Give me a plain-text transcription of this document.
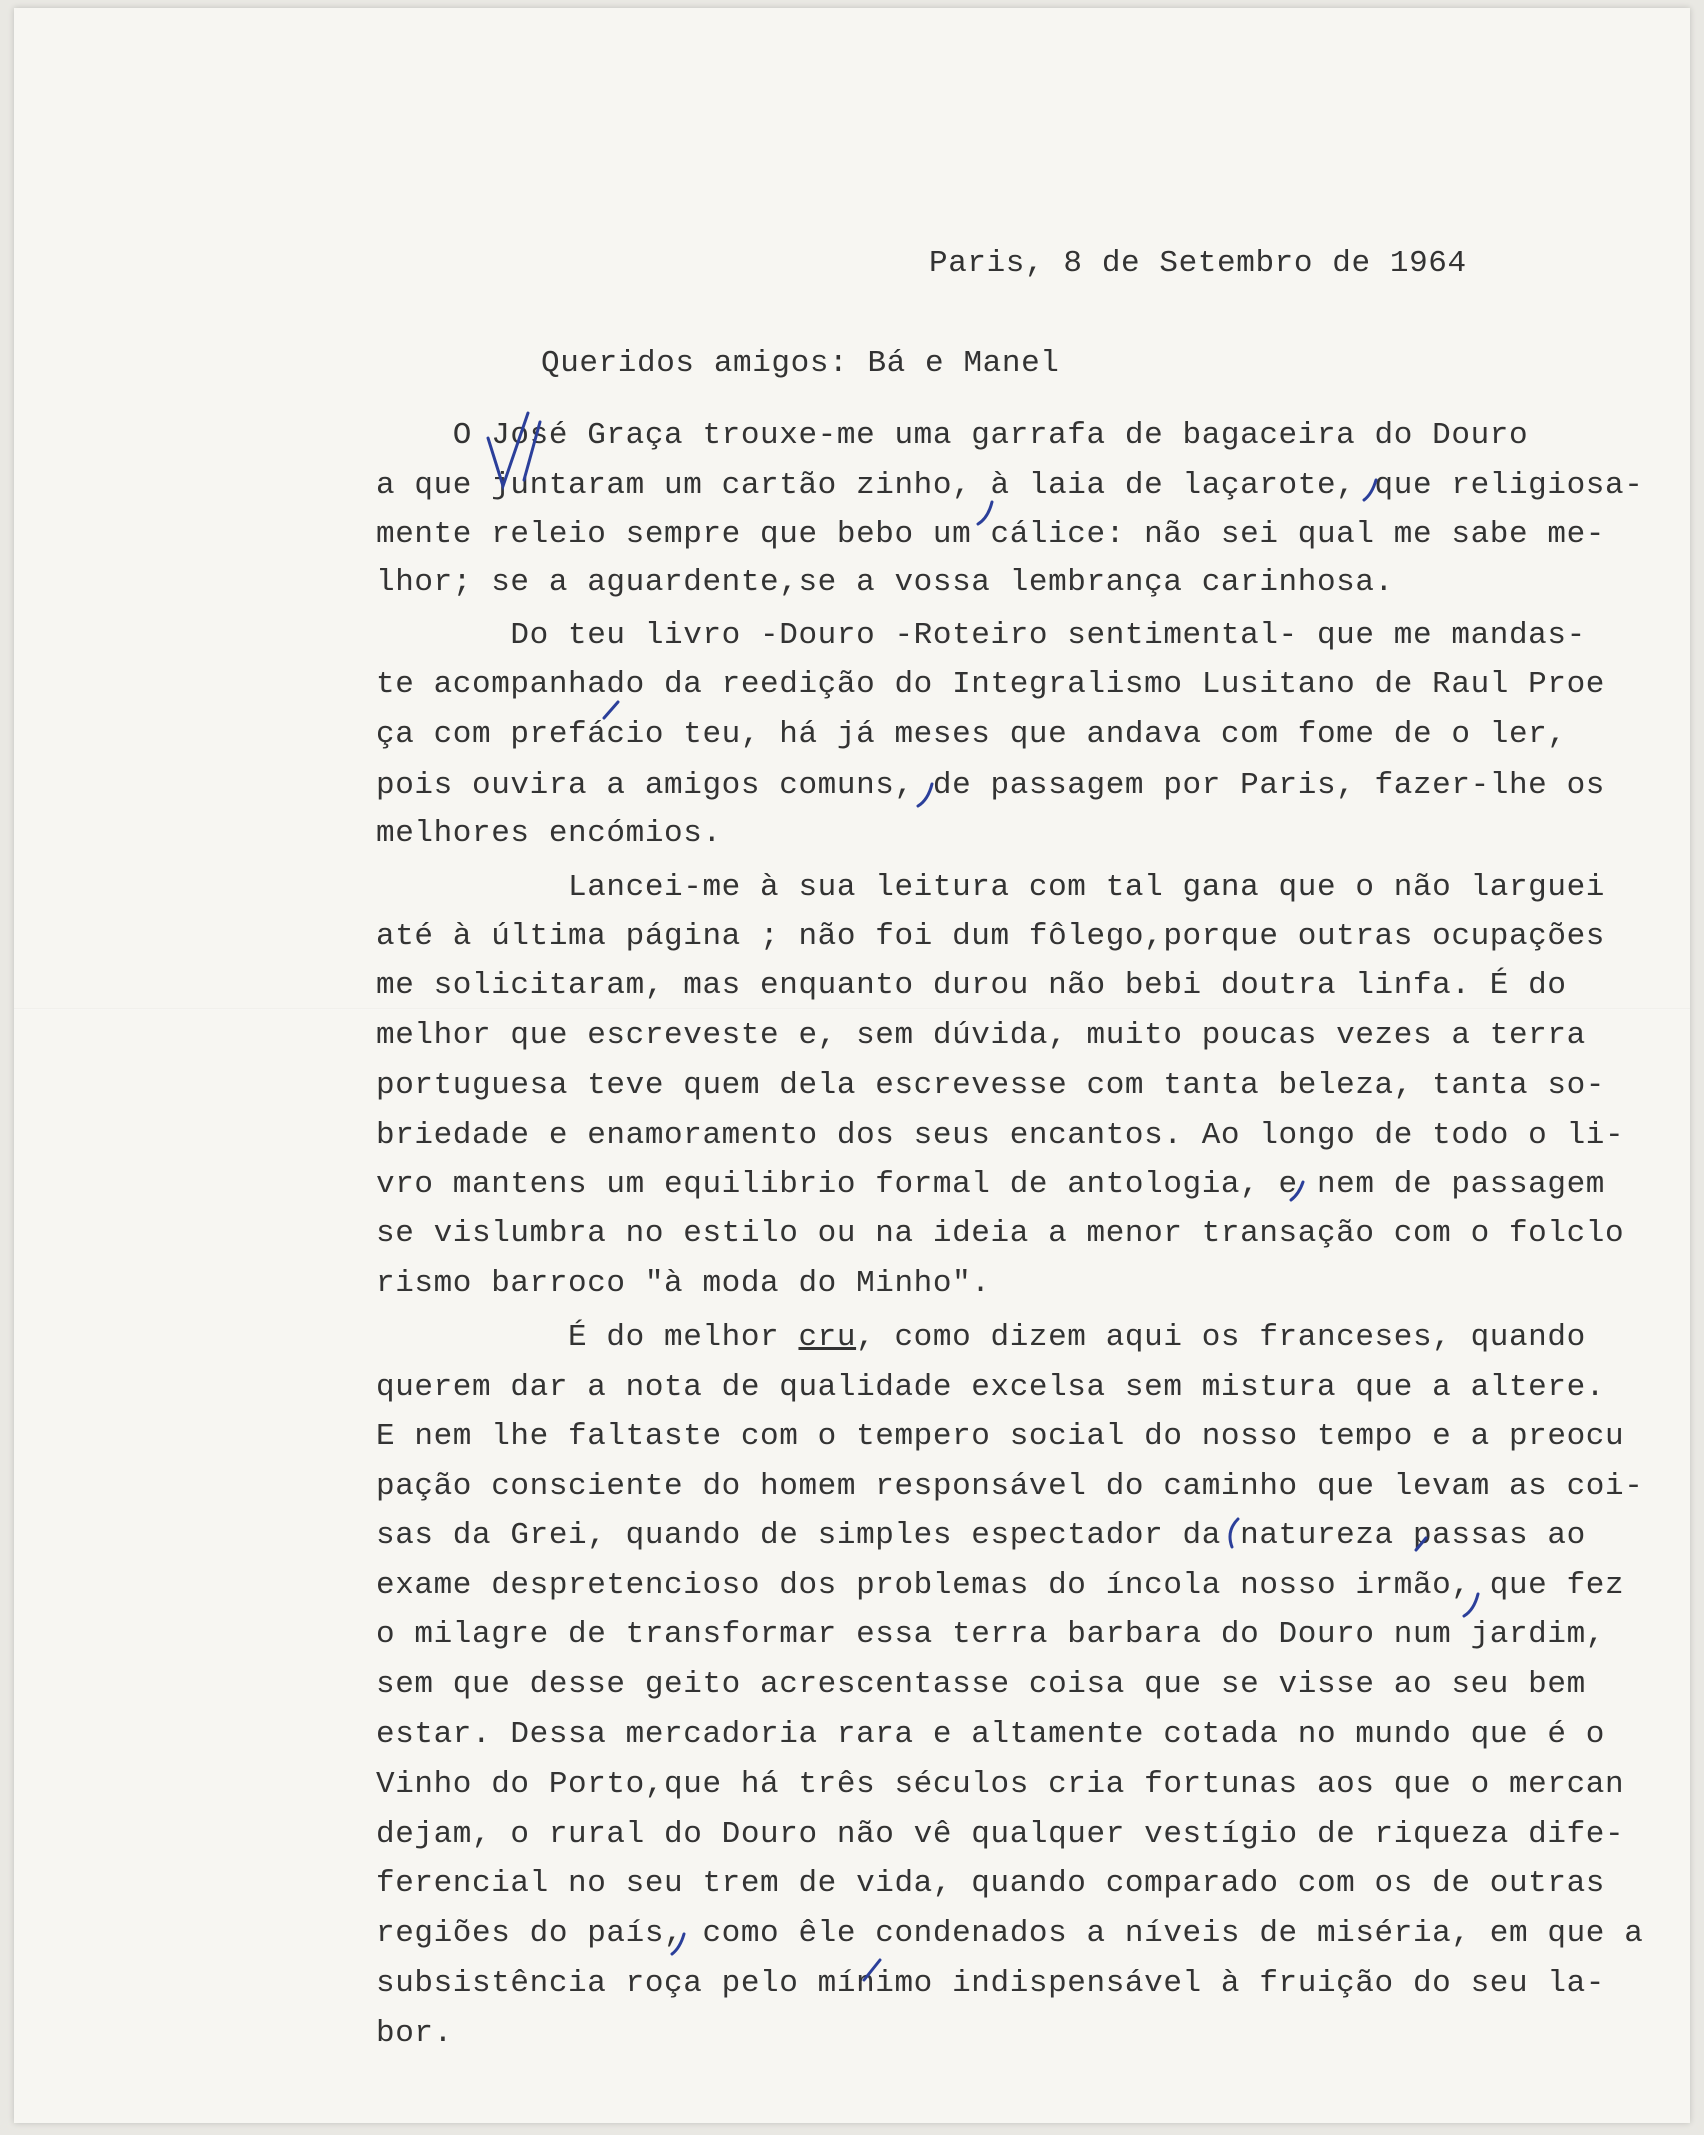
Paris, 8 de Setembro de 1964
Queridos amigos: Bá e Manel
O José Graça trouxe-me uma garrafa de bagaceira do Douro
a que juntaram um cartão zinho, à laia de laçarote, que religiosa-
mente releio sempre que bebo um cálice: não sei qual me sabe me-
lhor; se a aguardente,se a vossa lembrança carinhosa.
Do teu livro -Douro -Roteiro sentimental- que me mandas-
te acompanhado da reedição do Integralismo Lusitano de Raul Proe
ça com prefácio teu, há já meses que andava com fome de o ler,
pois ouvira a amigos comuns, de passagem por Paris, fazer-lhe os
melhores encómios.
Lancei-me à sua leitura com tal gana que o não larguei
até à última página ; não foi dum fôlego,porque outras ocupações
me solicitaram, mas enquanto durou não bebi doutra linfa. É do
melhor que escreveste e, sem dúvida, muito poucas vezes a terra
portuguesa teve quem dela escrevesse com tanta beleza, tanta so-
briedade e enamoramento dos seus encantos. Ao longo de todo o li-
vro mantens um equilibrio formal de antologia, e nem de passagem
se vislumbra no estilo ou na ideia a menor transação com o folclo
rismo barroco "à moda do Minho".
É do melhor cru, como dizem aqui os franceses, quando
querem dar a nota de qualidade excelsa sem mistura que a altere.
E nem lhe faltaste com o tempero social do nosso tempo e a preocu
pação consciente do homem responsável do caminho que levam as coi-
sas da Grei, quando de simples espectador da natureza passas ao
exame despretencioso dos problemas do íncola nosso irmão, que fez
o milagre de transformar essa terra barbara do Douro num jardim,
sem que desse geito acrescentasse coisa que se visse ao seu bem
estar. Dessa mercadoria rara e altamente cotada no mundo que é o
Vinho do Porto,que há três séculos cria fortunas aos que o mercan
dejam, o rural do Douro não vê qualquer vestígio de riqueza dife-
ferencial no seu trem de vida, quando comparado com os de outras
regiões do país, como êle condenados a níveis de miséria, em que a
subsistência roça pelo mínimo indispensável à fruição do seu la-
bor.
